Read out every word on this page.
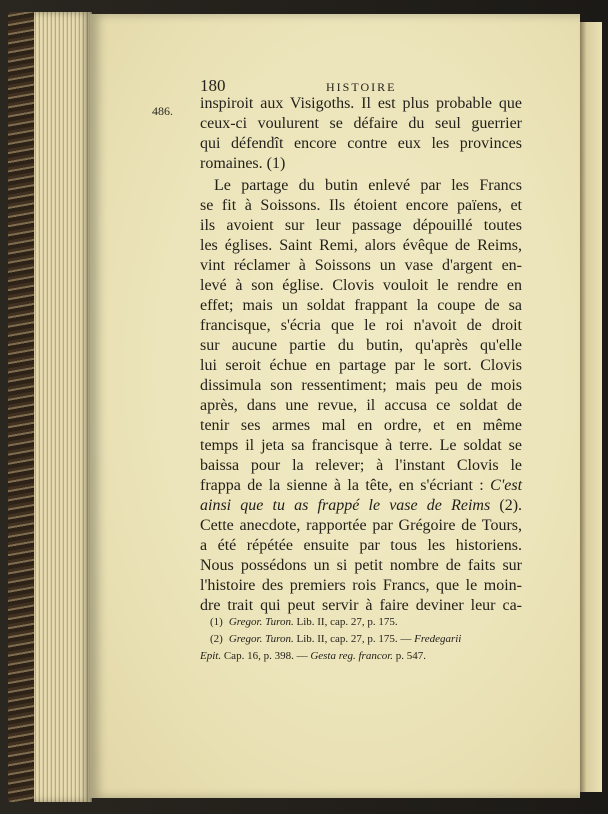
486.
180	HISTOIRE
inspiroit aux Visigoths. Il est plus probable que
ceux-ci voulurent se défaire du seul guerrier
qui défendît encore contre eux les provinces
romaines. (1)
Le partage du butin enlevé par les Francs
se fit à Soissons. Ils étoient encore païens, et
ils avoient sur leur passage dépouillé toutes
les églises. Saint Remi, alors évêque de Reims,
vint réclamer à Soissons un vase d'argent en-
levé à son église. Clovis vouloit le rendre en
effet; mais un soldat frappant la coupe de sa
francisque, s'écria que le roi n'avoit de droit
sur aucune partie du butin, qu'après qu'elle
lui seroit échue en partage par le sort. Clovis
dissimula son ressentiment; mais peu de mois
après, dans une revue, il accusa ce soldat de
tenir ses armes mal en ordre, et en même
temps il jeta sa francisque à terre. Le soldat se
baissa pour la relever; à l'instant Clovis le
frappa de la sienne à la tête, en s'écriant : C'est
ainsi que tu as frappé le vase de Reims (2).
Cette anecdote, rapportée par Grégoire de Tours,
a été répétée ensuite par tous les historiens.
Nous possédons un si petit nombre de faits sur
l'histoire des premiers rois Francs, que le moin-
dre trait qui peut servir à faire deviner leur ca-
(1) Gregor. Turon. Lib. II, cap. 27, p. 175.
(2) Gregor. Turon. Lib. II, cap. 27, p. 175. — Fredegarii
Epit. Cap. 16, p. 398. — Gesta reg. francor. p. 547.
